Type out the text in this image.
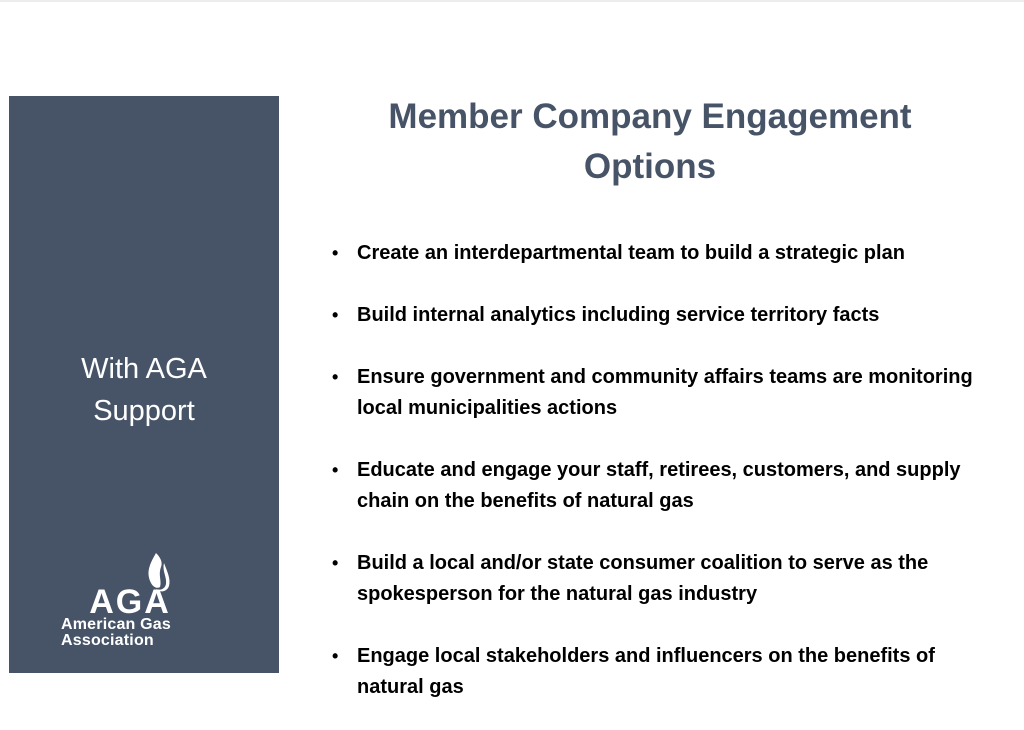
With AGA
Support
AGA
American Gas
Association
Member Company Engagement
Options
• Create an interdepartmental team to build a strategic plan
• Build internal analytics including service territory facts
• Ensure government and community affairs teams are monitoring local municipalities actions
• Educate and engage your staff, retirees, customers, and supply chain on the benefits of natural gas
• Build a local and/or state consumer coalition to serve as the spokesperson for the natural gas industry
• Engage local stakeholders and influencers on the benefits of natural gas
